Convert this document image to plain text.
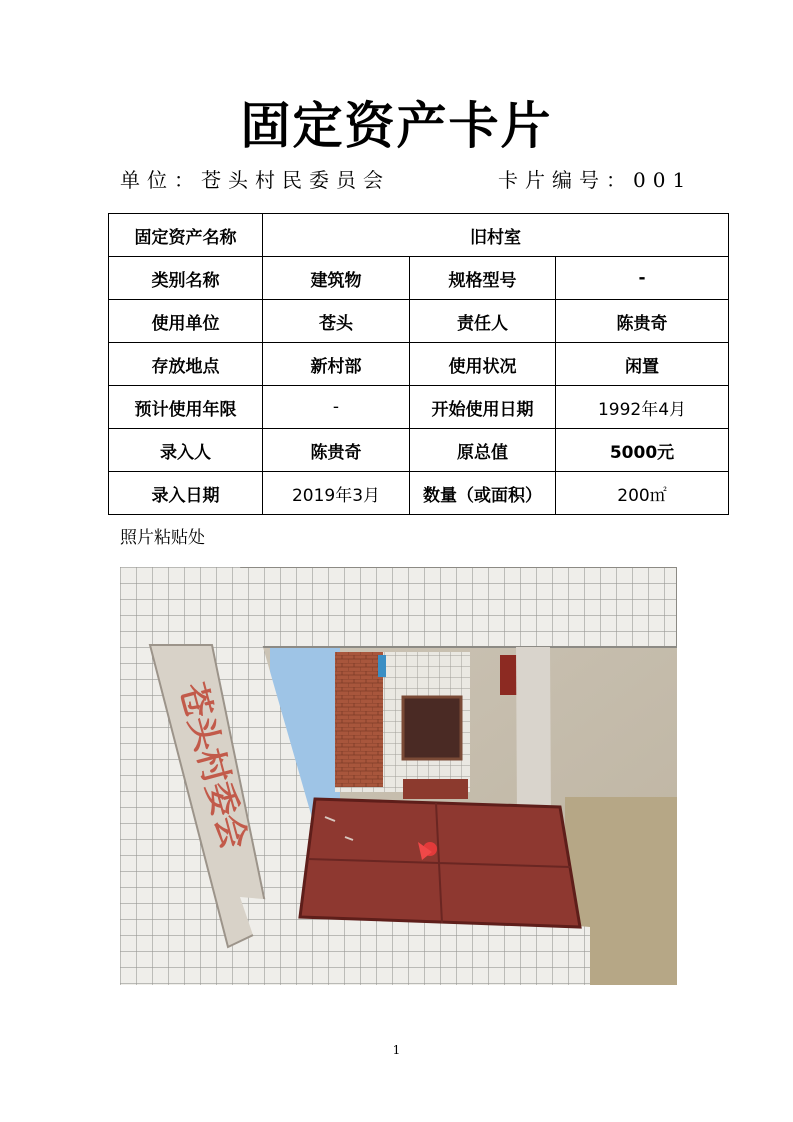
固定资产卡片
单位：苍头村民委员会	卡片编号：001
固定资产名称	旧村室		
类别名称	建筑物	规格型号	-
使用单位	苍头	责任人	陈贵奇
存放地点	新村部	使用状况	闲置
预计使用年限	-	开始使用日期	1992年4月
录入人	陈贵奇	原总值	5000元
录入日期	2019年3月	数量（或面积）	200㎡
照片粘贴处
苍头村委会
1
